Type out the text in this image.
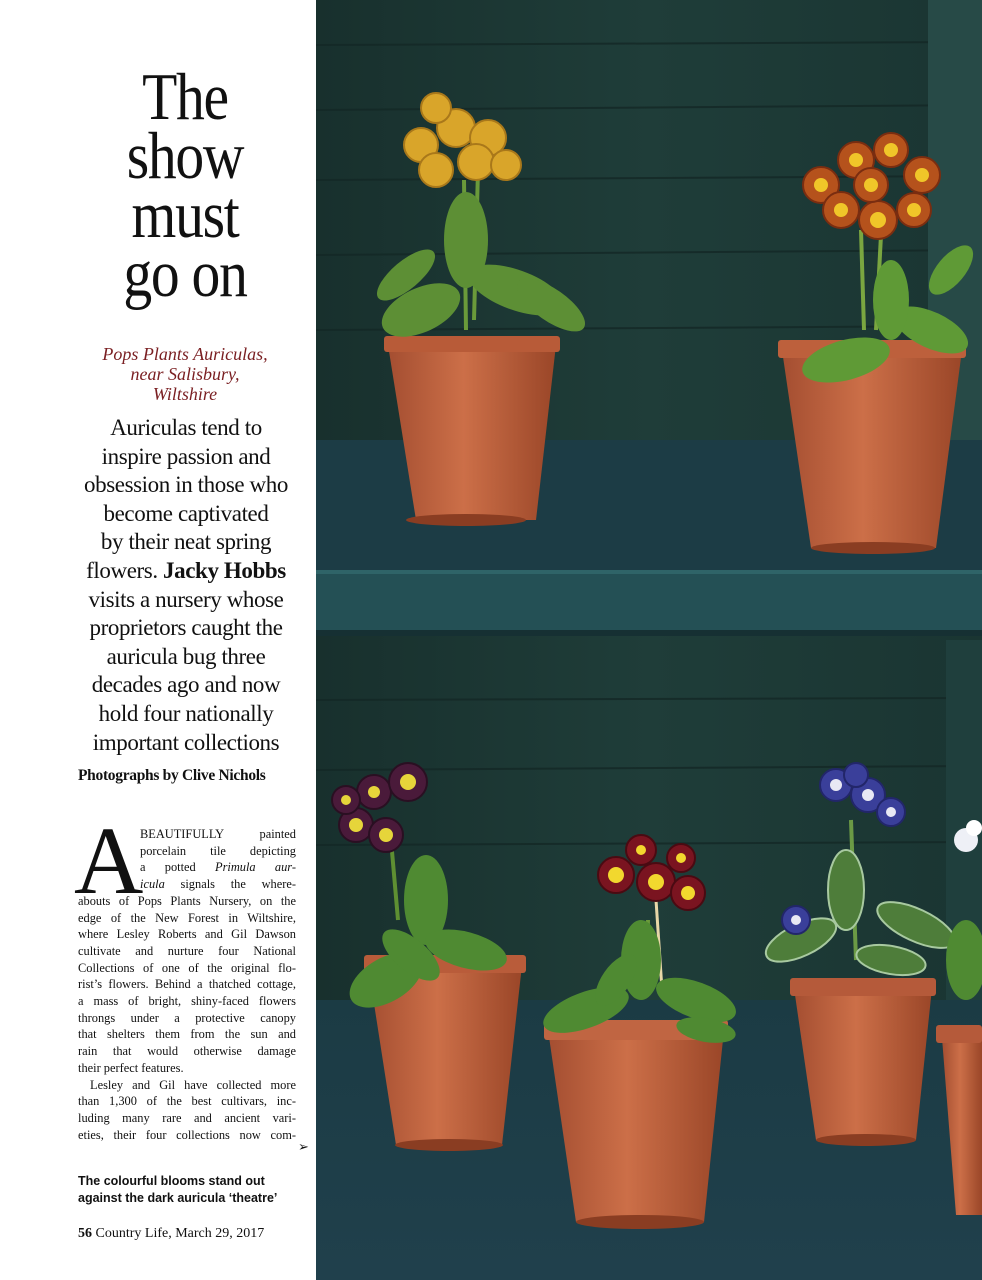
The
show
must
go on
Pops Plants Auriculas,
near Salisbury,
Wiltshire
Auriculas tend to
inspire passion and
obsession in those who
become captivated
by their neat spring
flowers. Jacky Hobbs
visits a nursery whose
proprietors caught the
auricula bug three
decades ago and now
hold four nationally
important collections
Photographs by Clive Nichols
A
BEAUTIFULLY painted
porcelain tile depicting
a potted Primula aur-
icula signals the where-
abouts of Pops Plants Nursery, on the
edge of the New Forest in Wiltshire,
where Lesley Roberts and Gil Dawson
cultivate and nurture four National
Collections of one of the original flo-
rist’s flowers. Behind a thatched cottage,
a mass of bright, shiny-faced flowers
throngs under a protective canopy
that shelters them from the sun and
rain that would otherwise damage
their perfect features.
Lesley and Gil have collected more
than 1,300 of the best cultivars, inc-
luding many rare and ancient vari-
eties, their four collections now com-
➢
The colourful blooms stand out
against the dark auricula ‘theatre’
56 Country Life, March 29, 2017
